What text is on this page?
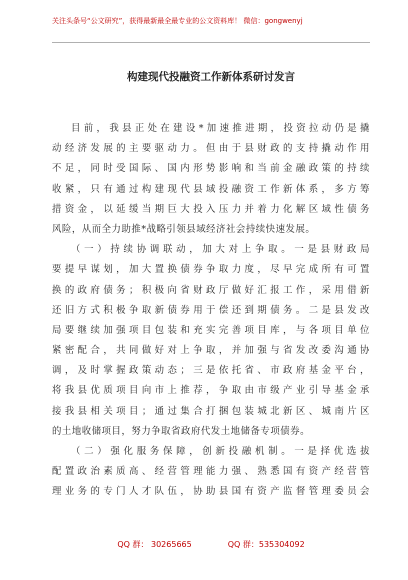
关注头条号“公文研究”，获得最新最全最专业的公文资料库！ 微信：gongwenyj
构建现代投融资工作新体系研讨发言
目前，我县正处在建设*加速推进期，投资拉动仍是撬
动经济发展的主要驱动力。但由于县财政的支持撬动作用
不足，同时受国际、国内形势影响和当前金融政策的持续
收紧，只有通过构建现代县域投融资工作新体系，多方筹
措资金，以延缓当期巨大投入压力并着力化解区域性债务
风险，从而全力助推*战略引领县域经济社会持续快速发展。
（一）持续协调联动，加大对上争取。一是县财政局
要提早谋划，加大置换债券争取力度，尽早完成所有可置
换的政府债务；积极向省财政厅做好汇报工作，采用借新
还旧方式积极争取新债券用于偿还到期债务。二是县发改
局要继续加强项目包装和充实完善项目库，与各项目单位
紧密配合，共同做好对上争取，并加强与省发改委沟通协
调，及时掌握政策动态；三是依托省、市政府基金平台，
将我县优质项目向市上推荐，争取由市级产业引导基金承
接我县相关项目；通过集合打捆包装城北新区、城南片区
的土地收储项目，努力争取省政府代发土地储备专项债券。
（二）强化服务保障，创新投融机制。一是择优选拔
配置政治素质高、经营管理能力强、熟悉国有资产经营管
理业务的专门人才队伍，协助县国有资产监督管理委员会
QQ 群： 30265665	QQ 群：535304092
